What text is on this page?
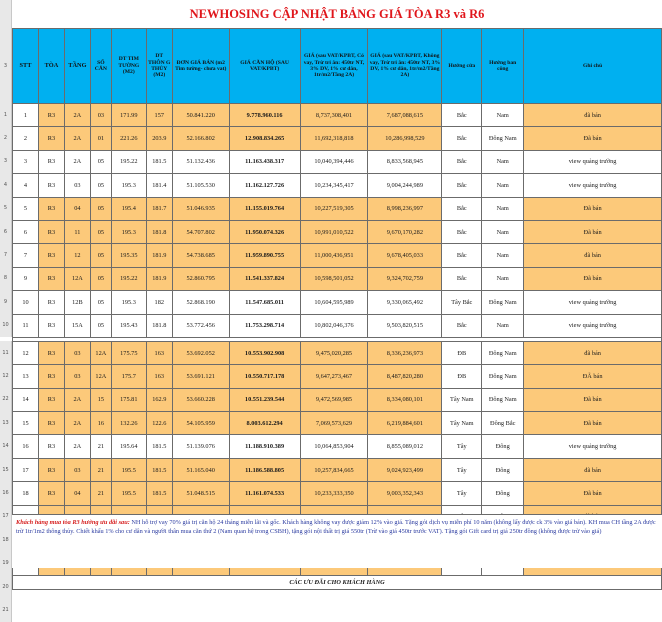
3
1
2
3
4
5
6
7
8
9
10
11
12
22
13
14
15
16
17
18
19
20
21
NEWHOSING CẬP NHẬT BẢNG GIÁ TÒA R3 và R6
STT	TÒA	TẦNG	SỐ CĂN	DT TIM TƯỜNG (M2)	DT THÔN G THỦY (M2)	ĐƠN GIÁ BÁN (m2 Tim tường- chưa vat)	GIÁ CĂN HỘ (SAU VAT/KPBT)	GIÁ (sau VAT/KPBT, Có vay, Trừ tri ân: 450tr NT, 3% DV, 1% cư dân, 1tr/m2/Tầng 2A)	GIÁ (sau VAT/KPBT, Không vay, Trừ tri ân: 450tr NT, 3% DV, 1% cư dân, 1tr/m2/Tầng 2A)	Hướng cửa	Hướng ban công	Ghi chú
1	R3	2A	03	171.99	157	50.841.220	9.778.960.116	8,737,308,401	7,687,088,615	Bắc	Nam	đã bán
2	R3	2A	01	221.26	203.9	52.166.802	12.908.834.265	11,692,318,818	10,286,998,529	Bắc	Đông Nam	Đã bán
3	R3	2A	05	195.22	181.5	51.132.436	11.163.438.317	10,040,394,446	8,833,568,945	Bắc	Nam	view quảng trường
4	R3	03	05	195.3	181.4	51.105.530	11.162.127.726	10,234,345,417	9,004,244,989	Bắc	Nam	view quảng trường
5	R3	04	05	195.4	181.7	51.046.935	11.155.019.764	10,227,519,305	8,998,236,997	Bắc	Nam	Đã bán
6	R3	11	05	195.3	181.8	54.707.802	11.950.074.326	10,991,010,522	9,670,170,282	Bắc	Nam	Đã bán
7	R3	12	05	195.35	181.9	54.738.685	11.959.890.755	11,000,436,951	9,678,405,033	Bắc	Nam	đã bán
9	R3	12A	05	195.22	181.9	52.860.795	11.541.337.824	10,598,501,052	9,324,702,759	Bắc	Nam	Đã bán
10	R3	12B	05	195.3	182	52.868.190	11.547.685.011	10,604,595,989	9,330,065,492	Tây Bắc	Đông Nam	view quảng trường
11	R3	15A	05	195.43	181.8	53.772.456	11.753.298.714	10,802,046,376	9,503,820,515	Bắc	Nam	view quảng trường

12	R3	03	12A	175.75	163	53.692.052	10.553.902.908	9,475,020,285	8,336,236,973	ĐB	Đông Nam	đã bán
13	R3	03	12A	175.7	163	53.691.121	10.550.717.178	9,647,273,467	8,487,820,280	ĐB	Đông Nam	ĐÃ bán
14	R3	2A	15	175.81	162.9	53.660.228	10.551.239.544	9,472,569,985	8,334,080,101	Tây Nam	Đông Nam	Đã bán
15	R3	2A	16	132.26	122.6	54.105.959	8.003.612.294	7,069,573,629	6,219,884,601	Tây Nam	Đông Bắc	Đã bán
16	R3	2A	21	195.64	181.5	51.139.076	11.188.910.389	10,064,853,904	8,855,089,012	Tây	Đông	view quảng trường
17	R3	03	21	195.5	181.5	51.165.040	11.186.588.805	10,257,834,665	9,024,923,499	Tây	Đông	đã bán
18	R3	04	21	195.5	181.5	51.048.515	11.161.074.533	10,233,333,350	9,003,352,343	Tây	Đông	Đã bán

CÁC ƯU ĐÃI CHO KHÁCH HÀNG												
Khách hàng mua tòa R3 hưởng ưu đãi sau: NH hỗ trợ vay 70% giá trị căn hộ 24 tháng miễn lãi và gốc. Khách hàng không vay được giảm 12% vào giá. Tặng gói dịch vụ miễn phí 10 năm (không lấy được ck 3% vào giá bán). KH mua CH tầng 2A được trừ 1tr/1m2 thông thủy. Chiết khấu 1% cho cư dân và người thân mua căn thứ 2 (Nam quan hệ trong CSBH), tặng gói nội thất trị giá 550tr (Trừ vào giá 450tr trước VAT). Tặng gói Gift card trị giá 250tr đồng (không được trừ vào giá)
